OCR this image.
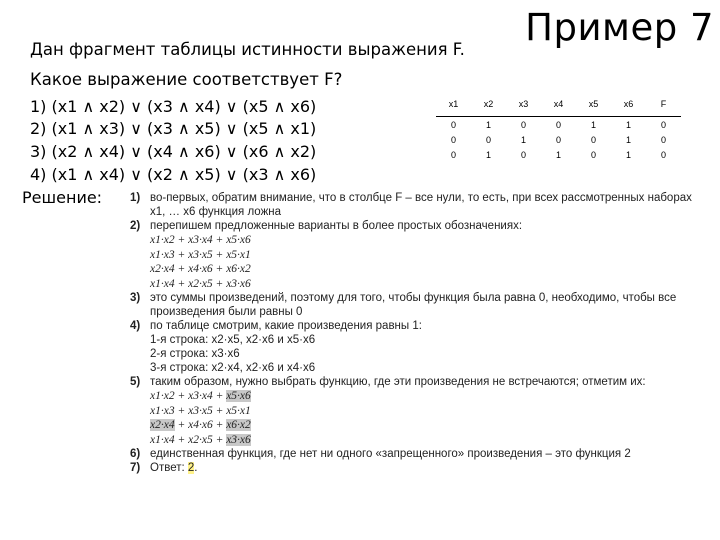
Пример 7
Дан фрагмент таблицы истинности выражения F.
Какое выражение соответствует F?
1) (x1 ∧ x2) ∨ (x3 ∧ x4) ∨ (x5 ∧ x6)
2) (x1 ∧ x3) ∨ (x3 ∧ x5) ∨ (x5 ∧ x1)
3) (x2 ∧ x4) ∨ (x4 ∧ x6) ∨ (x6 ∧ x2)
4) (x1 ∧ x4) ∨ (x2 ∧ x5) ∨ (x3 ∧ x6)
Решение:
x1	x2	x3	x4	x5	x6	F
0	1	0	0	1	1	0
0	0	1	0	0	1	0
0	1	0	1	0	1	0
1) во-первых, обратим внимание, что в столбце F – все нули, то есть, при всех рассмотренных наборах x1, … x6 функция ложна
2) перепишем предложенные варианты в более простых обозначениях:
x1·x2 + x3·x4 + x5·x6
x1·x3 + x3·x5 + x5·x1
x2·x4 + x4·x6 + x6·x2
x1·x4 + x2·x5 + x3·x6
3) это суммы произведений, поэтому для того, чтобы функция была равна 0, необходимо, чтобы все произведения были равны 0
4) по таблице смотрим, какие произведения равны 1:
1-я строка: x2·x5, x2·x6 и x5·x6
2-я строка: x3·x6
3-я строка: x2·x4, x2·x6 и x4·x6
5) таким образом, нужно выбрать функцию, где эти произведения не встречаются; отметим их:
x1·x2 + x3·x4 + x5·x6
x1·x3 + x3·x5 + x5·x1
x2·x4 + x4·x6 + x6·x2
x1·x4 + x2·x5 + x3·x6
6) единственная функция, где нет ни одного «запрещенного» произведения – это функция 2
7) Ответ: 2.
